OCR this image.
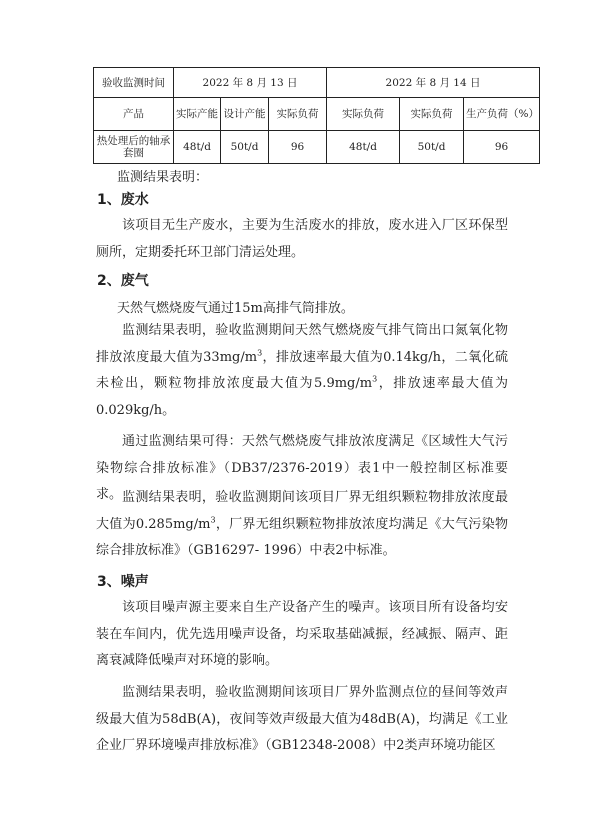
验收监测时间	2022 年 8 月 13 日			2022 年 8 月 14 日		
产品	实际产能	设计产能	实际负荷	实际负荷	实际负荷	生产负荷（%）
热处理后的轴承套圈	48t/d	50t/d	96	48t/d	50t/d	96
监测结果表明：
1、废水

该项目无生产废水，主要为生活废水的排放，废水进入厂区环保型厕所，定期委托环卫部门清运处理。

2、废气

天然气燃烧废气通过15m高排气筒排放。

监测结果表明，验收监测期间天然气燃烧废气排气筒出口氮氧化物排放浓度最大值为$33mg/m^3$，排放速率最大值为0.14kg/h，二氧化硫未检出，颗粒物排放浓度最大值为$5.9mg/m^3$，排放速率最大值为0.029kg/h。

通过监测结果可得：天然气燃烧废气排放浓度满足《区域性大气污染物综合排放标准》（DB37/2376-2019）表1中一般控制区标准要求。 监测结果表明，验收监测期间该项目厂界无组织颗粒物排放浓度最大值为$0.285mg/m^3$，厂界无组织颗粒物排放浓度均满足《大气污染物综合排放标准》（GB16297- 1996）中表2中标准。

3、噪声

该项目噪声源主要来自生产设备产生的噪声。该项目所有设备均安装在车间内，优先选用噪声设备，均采取基础减振，经减振、隔声、距离衰减降低噪声对环境的影响。

监测结果表明，验收监测期间该项目厂界外监测点位的昼间等效声级最大值为58dB(A)，夜间等效声级最大值为48dB(A)，均满足《工业企业厂界环境噪声排放标准》（GB12348-2008）中2类声环境功能区
